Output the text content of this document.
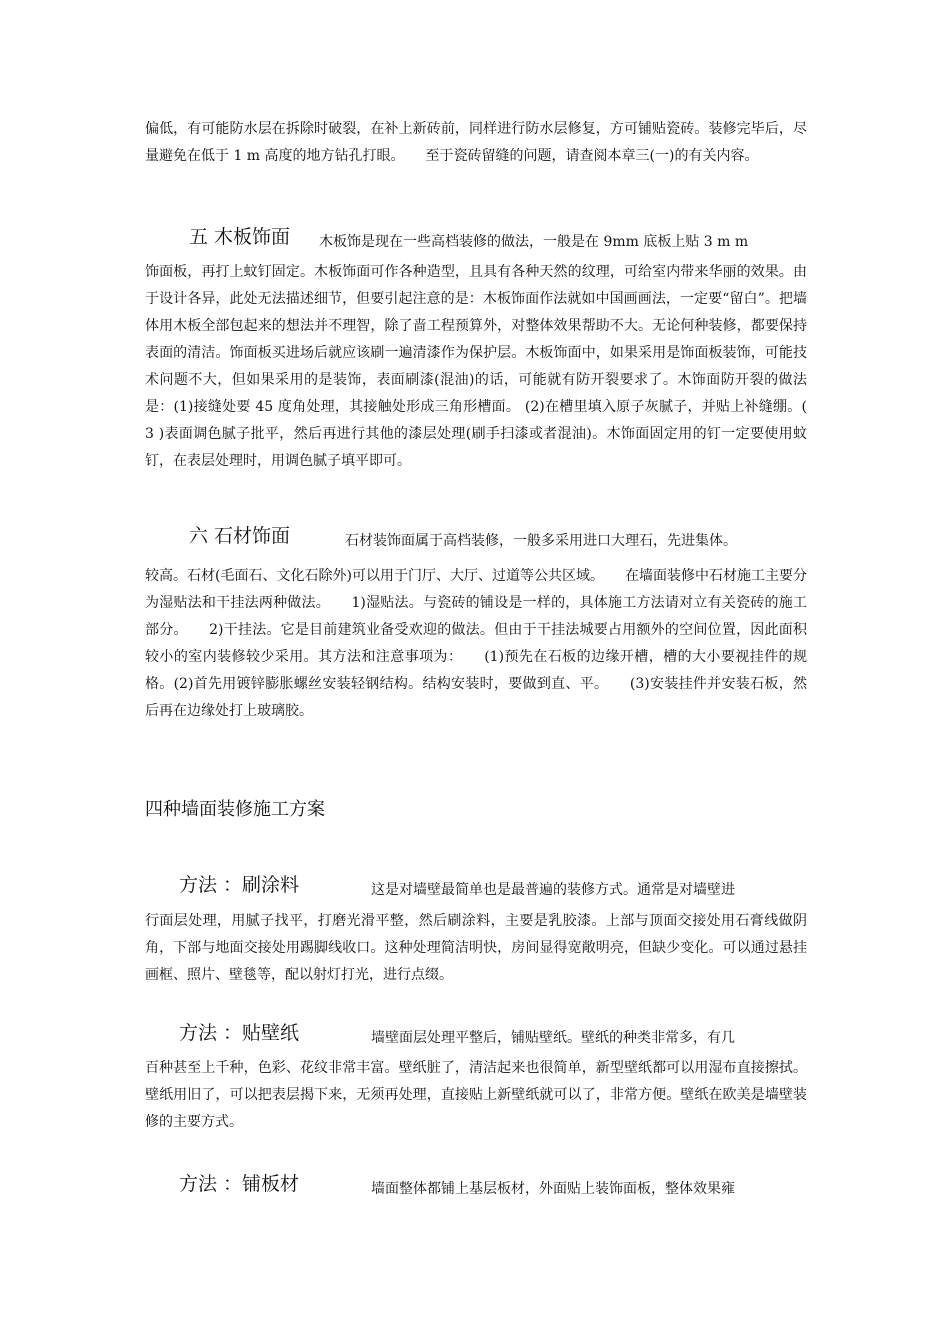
偏低，有可能防水层在拆除时破裂，在补上新砖前，同样进行防水层修复，方可铺贴瓷砖。装修完毕后，尽量避免在低于 1 m 高度的地方钻孔打眼。　　至于瓷砖留缝的问题，请查阅本章三(一)的有关内容。

五 木板饰面 木板饰是现在一些高档装修的做法，一般是在 9mm 底板上贴 3 m m

饰面板，再打上蚊钉固定。木板饰面可作各种造型，且具有各种天然的纹理，可给室内带来华丽的效果。由于设计各异，此处无法描述细节，但要引起注意的是：木板饰面作法就如中国画画法，一定要“留白”。把墙体用木板全部包起来的想法并不理智，除了啬工程预算外，对整体效果帮助不大。无论何种装修，都要保持表面的清洁。饰面板买进场后就应该刷一遍清漆作为保护层。木板饰面中，如果采用是饰面板装饰，可能技术问题不大，但如果采用的是装饰，表面刷漆(混油)的话，可能就有防开裂要求了。木饰面防开裂的做法是：(1)接缝处要 45 度角处理，其接触处形成三角形槽面。 (2)在槽里填入原子灰腻子，并贴上补缝绷。( 3 )表面调色腻子批平，然后再进行其他的漆层处理(刷手扫漆或者混油)。木饰面固定用的钉一定要使用蚊钉，在表层处理时，用调色腻子填平即可。

六 石材饰面	石材装饰面属于高档装修，一般多采用进口大理石，先进集体。

较高。石材(毛面石、文化石除外)可以用于门厅、大厅、过道等公共区域。　　在墙面装修中石材施工主要分为湿贴法和干挂法两种做法。　　1)湿贴法。与瓷砖的铺设是一样的，具体施工方法请对立有关瓷砖的施工部分。　　2)干挂法。它是目前建筑业备受欢迎的做法。但由于干挂法城要占用额外的空间位置，因此面积较小的室内装修较少采用。其方法和注意事项为：　　(1)预先在石板的边缘开槽，槽的大小要视挂件的规格。(2)首先用镀锌膨胀螺丝安装轻钢结构。结构安装时，要做到直、平。　　(3)安装挂件并安装石板，然后再在边缘处打上玻璃胶。

四种墙面装修施工方案
方法 ：刷涂料	这是对墙壁最简单也是最普遍的装修方式。通常是对墙壁进

行面层处理，用腻子找平，打磨光滑平整，然后刷涂料，主要是乳胶漆。上部与顶面交接处用石膏线做阴角，下部与地面交接处用踢脚线收口。这种处理简洁明快，房间显得宽敞明亮，但缺少变化。可以通过悬挂画框、照片、壁毯等，配以射灯打光，进行点缀。

方法 ：贴壁纸	墙壁面层处理平整后，铺贴壁纸。壁纸的种类非常多，有几

百种甚至上千种，色彩、花纹非常丰富。壁纸脏了，清洁起来也很简单，新型壁纸都可以用湿布直接擦拭。壁纸用旧了，可以把表层揭下来，无须再处理，直接贴上新壁纸就可以了，非常方便。壁纸在欧美是墙壁装修的主要方式。

方法 ：铺板材	墙面整体都铺上基层板材，外面贴上装饰面板，整体效果雍
